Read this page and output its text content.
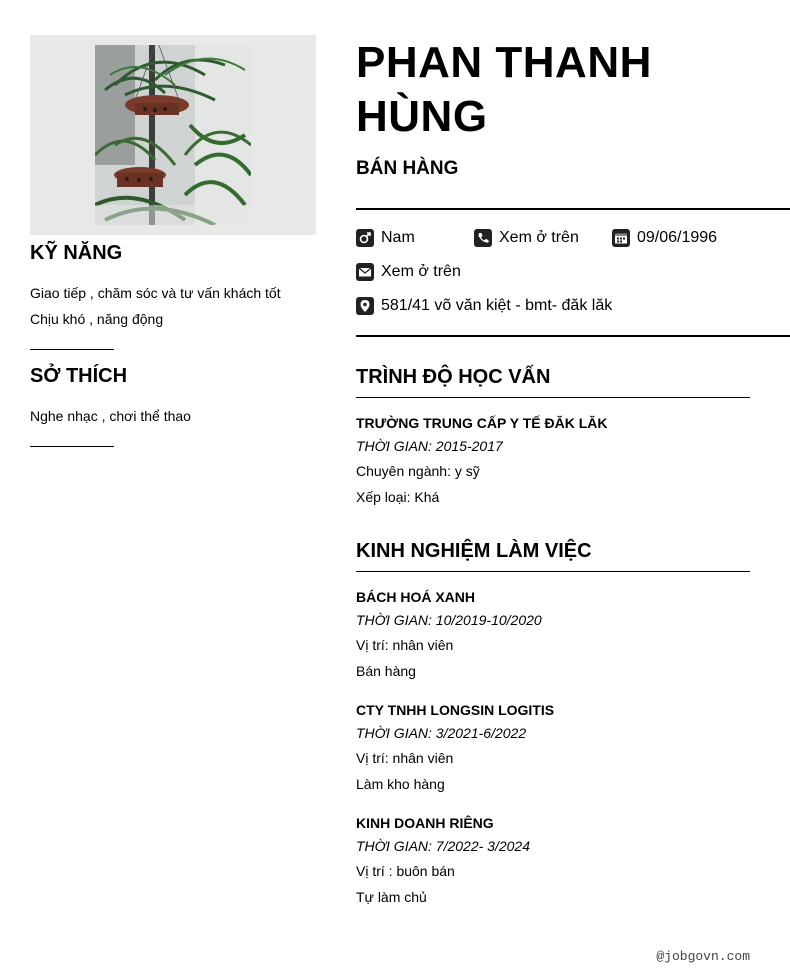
KỸ NĂNG
Giao tiếp , chăm sóc và tư vấn khách tốt
Chịu khó , năng động
SỞ THÍCH
Nghe nhạc , chơi thể thao
PHAN THANH
HÙNG
BÁN HÀNG
Nam	Xem ở trên	09/06/1996
Xem ở trên
581/41 võ văn kiệt - bmt- đăk lăk
TRÌNH ĐỘ HỌC VẤN
TRƯỜNG TRUNG CẤP Y TẾ ĐĂK LĂK
THỜI GIAN: 2015-2017
Chuyên ngành: y sỹ
Xếp loại: Khá
KINH NGHIỆM LÀM VIỆC
BÁCH HOÁ XANH
THỜI GIAN: 10/2019-10/2020
Vị trí: nhân viên
Bán hàng
CTY TNHH LONGSIN LOGITIS
THỜI GIAN: 3/2021-6/2022
Vị trí: nhân viên
Làm kho hàng
KINH DOANH RIÊNG
THỜI GIAN: 7/2022- 3/2024
Vị trí : buôn bán
Tự làm chủ
@jobgovn.com
